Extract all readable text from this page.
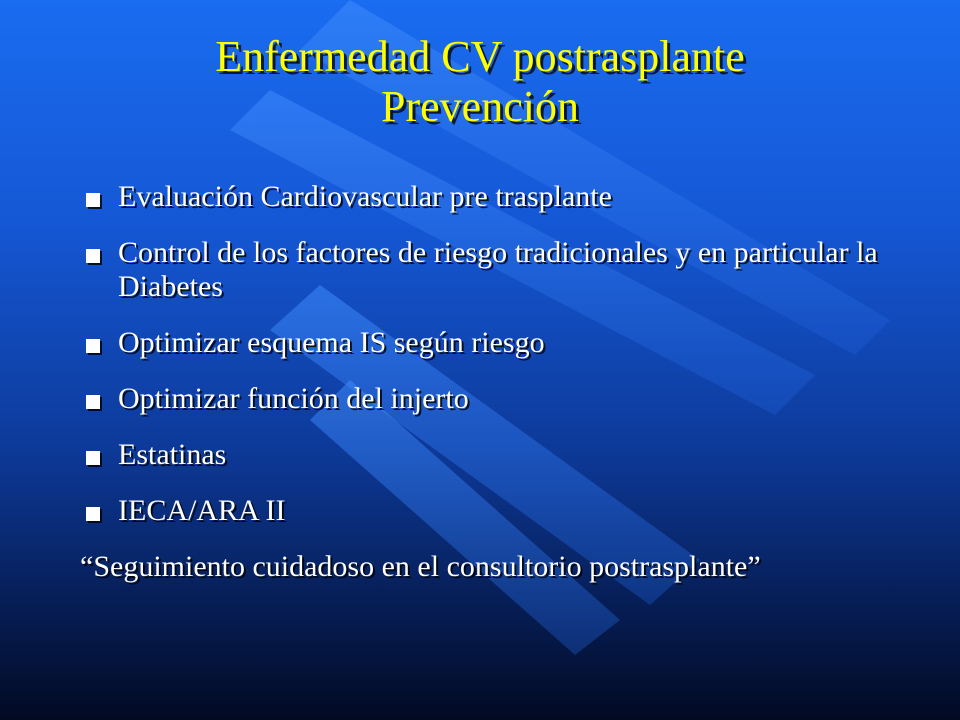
Enfermedad CV postrasplante
Prevención
Evaluación Cardiovascular pre trasplante
Control de los factores de riesgo tradicionales y en particular la Diabetes
Optimizar esquema IS según riesgo
Optimizar función del injerto
Estatinas
IECA/ARA II
“Seguimiento cuidadoso en el consultorio postrasplante”
